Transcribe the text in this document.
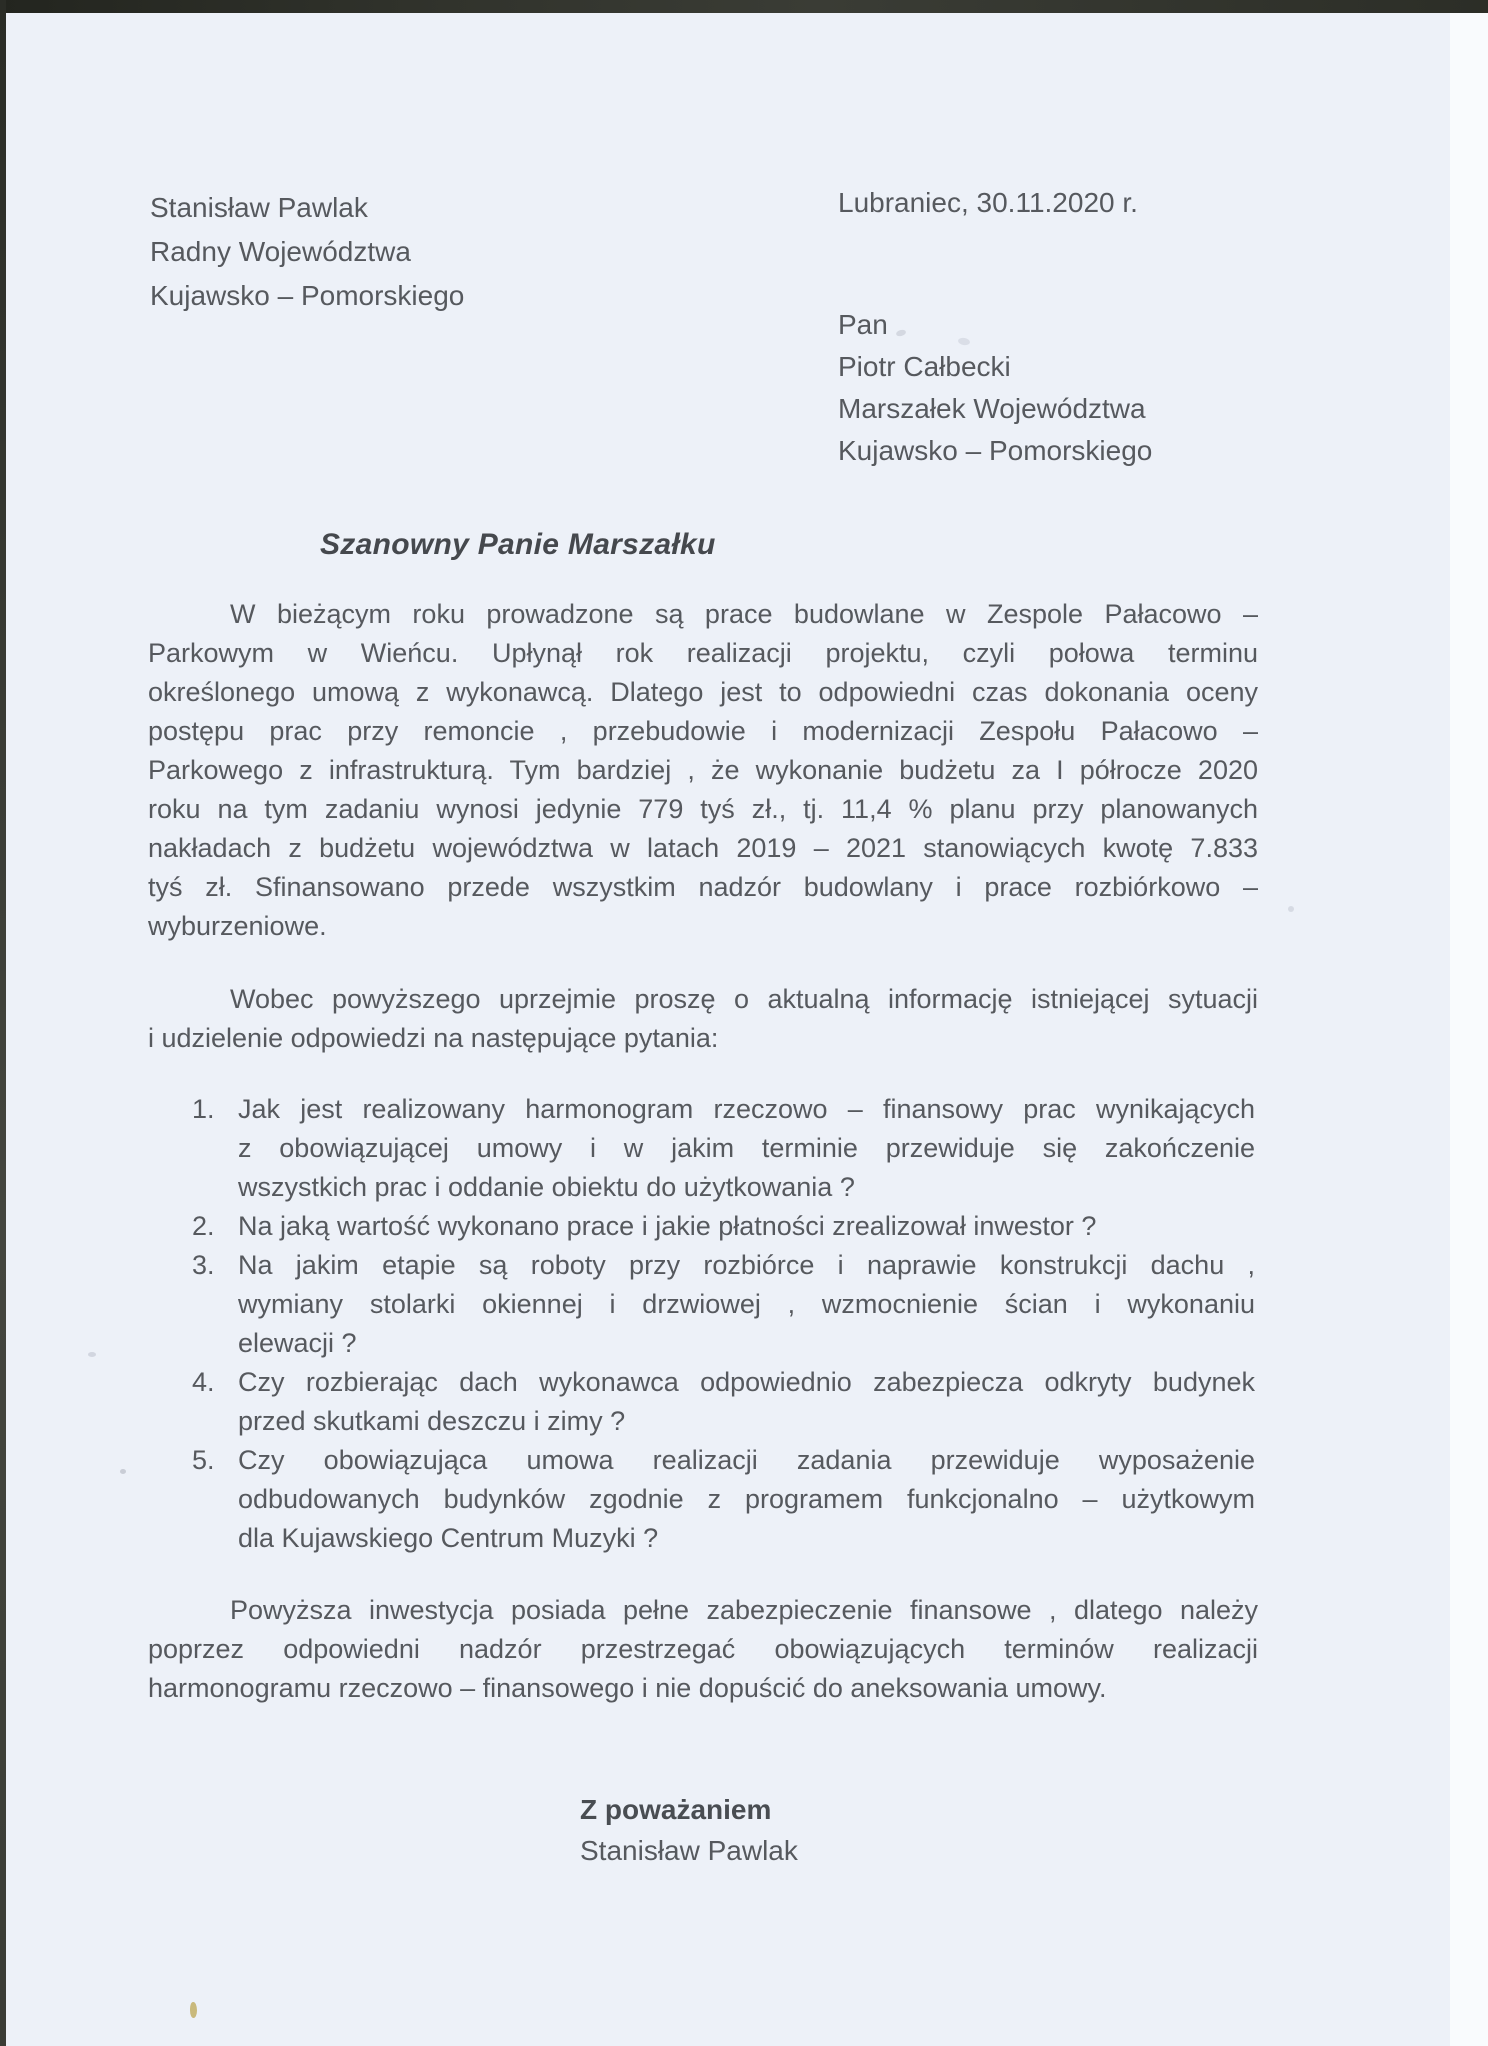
Stanisław Pawlak
Radny Województwa
Kujawsko – Pomorskiego
Lubraniec, 30.11.2020 r.
Pan
Piotr Całbecki
Marszałek Województwa
Kujawsko – Pomorskiego
Szanowny Panie Marszałku
W bieżącym roku prowadzone są prace budowlane w Zespole Pałacowo –
Parkowym w Wieńcu. Upłynął rok realizacji projektu, czyli połowa terminu
określonego umową z wykonawcą. Dlatego jest to odpowiedni czas dokonania oceny
postępu prac przy remoncie , przebudowie i modernizacji Zespołu Pałacowo –
Parkowego z infrastrukturą. Tym bardziej , że wykonanie budżetu za I półrocze 2020
roku na tym zadaniu wynosi jedynie 779 tyś zł., tj. 11,4 % planu przy planowanych
nakładach z budżetu województwa w latach 2019 – 2021 stanowiących kwotę 7.833
tyś zł. Sfinansowano przede wszystkim nadzór budowlany i prace rozbiórkowo –
wyburzeniowe.
Wobec powyższego uprzejmie proszę o aktualną informację istniejącej sytuacji
i udzielenie odpowiedzi na następujące pytania:
1. Jak jest realizowany harmonogram rzeczowo – finansowy prac wynikających
z obowiązującej umowy i w jakim terminie przewiduje się zakończenie
wszystkich prac i oddanie obiektu do użytkowania ?
2. Na jaką wartość wykonano prace i jakie płatności zrealizował inwestor ?
3. Na jakim etapie są roboty przy rozbiórce i naprawie konstrukcji dachu ,
wymiany stolarki okiennej i drzwiowej , wzmocnienie ścian i wykonaniu
elewacji ?
4. Czy rozbierając dach wykonawca odpowiednio zabezpiecza odkryty budynek
przed skutkami deszczu i zimy ?
5. Czy obowiązująca umowa realizacji zadania przewiduje wyposażenie
odbudowanych budynków zgodnie z programem funkcjonalno – użytkowym
dla Kujawskiego Centrum Muzyki ?
Powyższa inwestycja posiada pełne zabezpieczenie finansowe , dlatego należy
poprzez odpowiedni nadzór przestrzegać obowiązujących terminów realizacji
harmonogramu rzeczowo – finansowego i nie dopuścić do aneksowania umowy.
Z poważaniem
Stanisław Pawlak
